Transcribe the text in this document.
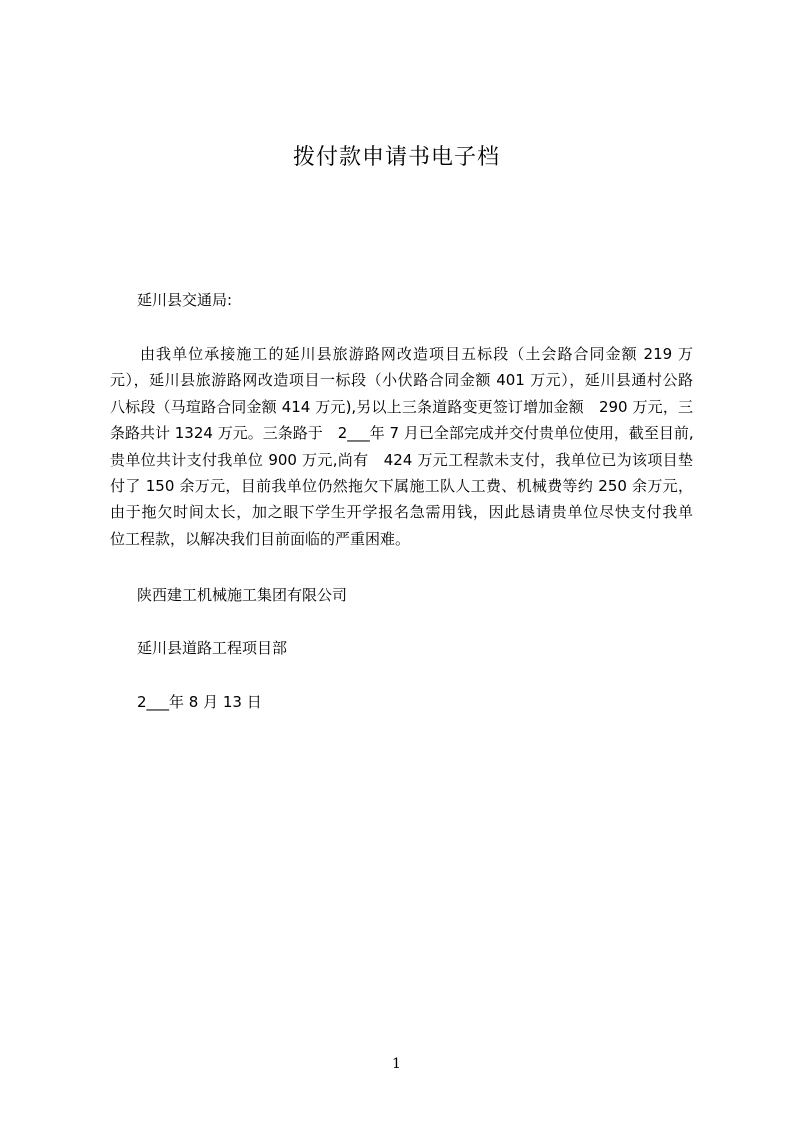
拨付款申请书电子档
延川县交通局:
由我单位承接施工的延川县旅游路网改造项目五标段（土会路合同金额 219 万
元），延川县旅游路网改造项目一标段（小伏路合同金额 401 万元），延川县通村公路
八标段（马瑄路合同金额 414 万元),另以上三条道路变更签订增加金额　290 万元，三
条路共计 1324 万元。三条路于　2___年 7 月已全部完成并交付贵单位使用，截至目前,
贵单位共计支付我单位 900 万元,尚有　424 万元工程款未支付，我单位已为该项目垫
付了 150 余万元，目前我单位仍然拖欠下属施工队人工费、机械费等约 250 余万元，
由于拖欠时间太长，加之眼下学生开学报名急需用钱，因此恳请贵单位尽快支付我单
位工程款，以解决我们目前面临的严重困难。
陕西建工机械施工集团有限公司
延川县道路工程项目部
2___年 8 月 13 日
1
